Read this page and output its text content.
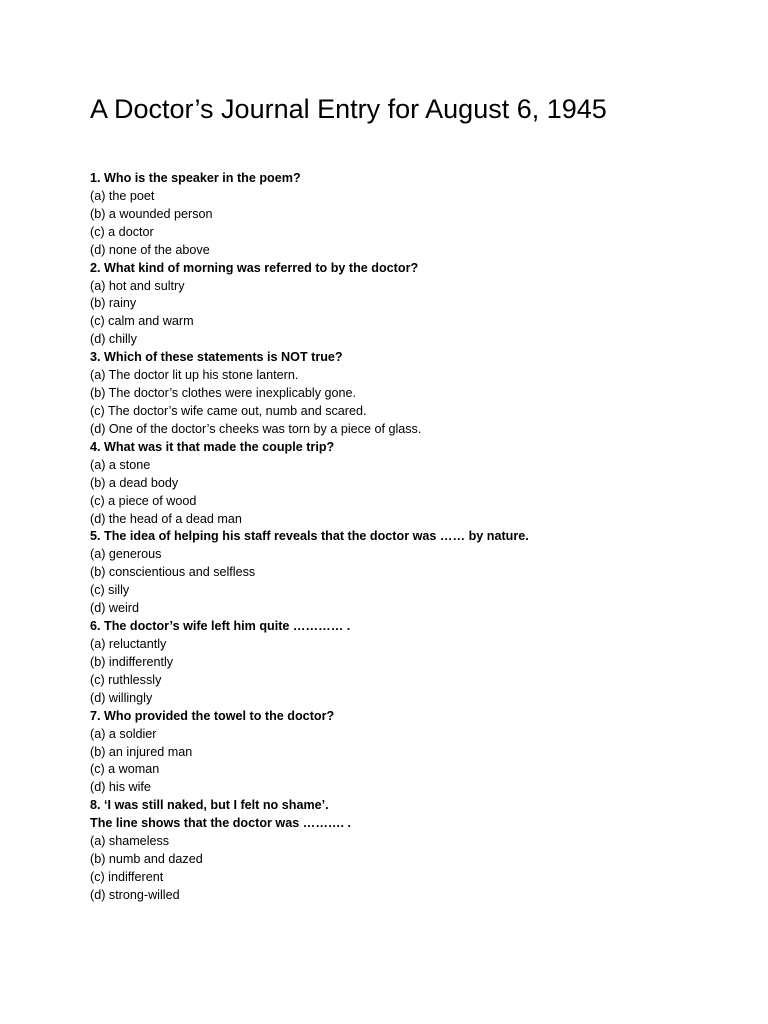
A Doctor’s Journal Entry for August 6, 1945
1. Who is the speaker in the poem?
(a) the poet
(b) a wounded person
(c) a doctor
(d) none of the above
2. What kind of morning was referred to by the doctor?
(a) hot and sultry
(b) rainy
(c) calm and warm
(d) chilly
3. Which of these statements is NOT true?
(a) The doctor lit up his stone lantern.
(b) The doctor’s clothes were inexplicably gone.
(c) The doctor’s wife came out, numb and scared.
(d) One of the doctor’s cheeks was torn by a piece of glass.
4. What was it that made the couple trip?
(a) a stone
(b) a dead body
(c) a piece of wood
(d) the head of a dead man
5. The idea of helping his staff reveals that the doctor was …… by nature.
(a) generous
(b) conscientious and selfless
(c) silly
(d) weird
6. The doctor’s wife left him quite ………… .
(a) reluctantly
(b) indifferently
(c) ruthlessly
(d) willingly
7. Who provided the towel to the doctor?
(a) a soldier
(b) an injured man
(c) a woman
(d) his wife
8. ‘I was still naked, but I felt no shame’.
The line shows that the doctor was ………. .
(a) shameless
(b) numb and dazed
(c) indifferent
(d) strong-willed
